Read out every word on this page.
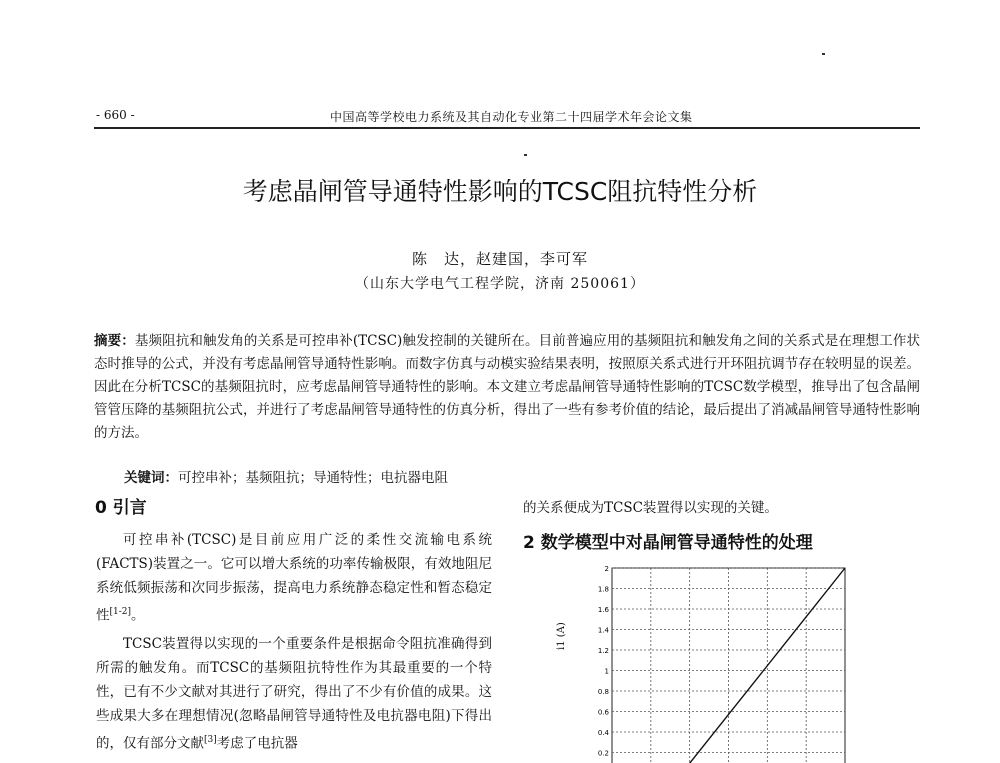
- 660 -	中国高等学校电力系统及其自动化专业第二十四届学术年会论文集
考虑晶闸管导通特性影响的TCSC阻抗特性分析
陈　达，赵建国，李可军
（山东大学电气工程学院，济南 250061）
摘要：基频阻抗和触发角的关系是可控串补(TCSC)触发控制的关键所在。目前普遍应用的基频阻抗和触发角之间的关系式是在理想工作状态时推导的公式，并没有考虑晶闸管导通特性影响。而数字仿真与动模实验结果表明，按照原关系式进行开环阻抗调节存在较明显的误差。因此在分析TCSC的基频阻抗时，应考虑晶闸管导通特性的影响。本文建立考虑晶闸管导通特性影响的TCSC数学模型，推导出了包含晶闸管管压降的基频阻抗公式，并进行了考虑晶闸管导通特性的仿真分析，得出了一些有参考价值的结论，最后提出了消减晶闸管导通特性影响的方法。
关键词：可控串补；基频阻抗；导通特性；电抗器电阻
0 引言

可控串补(TCSC)是目前应用广泛的柔性交流输电系统(FACTS)装置之一。它可以增大系统的功率传输极限，有效地阻尼系统低频振荡和次同步振荡，提高电力系统静态稳定性和暂态稳定性[1-2]。

TCSC装置得以实现的一个重要条件是根据命令阻抗准确得到所需的触发角。而TCSC的基频阻抗特性作为其最重要的一个特性，已有不少文献对其进行了研究，得出了不少有价值的成果。这些成果大多在理想情况(忽略晶闸管导通特性及电抗器电阻)下得出的，仅有部分文献[3]考虑了电抗器

的关系便成为TCSC装置得以实现的关键。
2 数学模型中对晶闸管导通特性的处理
0.2
0.4
0.6
0.8
1
1.2
1.4
1.6
1.8
2
i1 (A)
